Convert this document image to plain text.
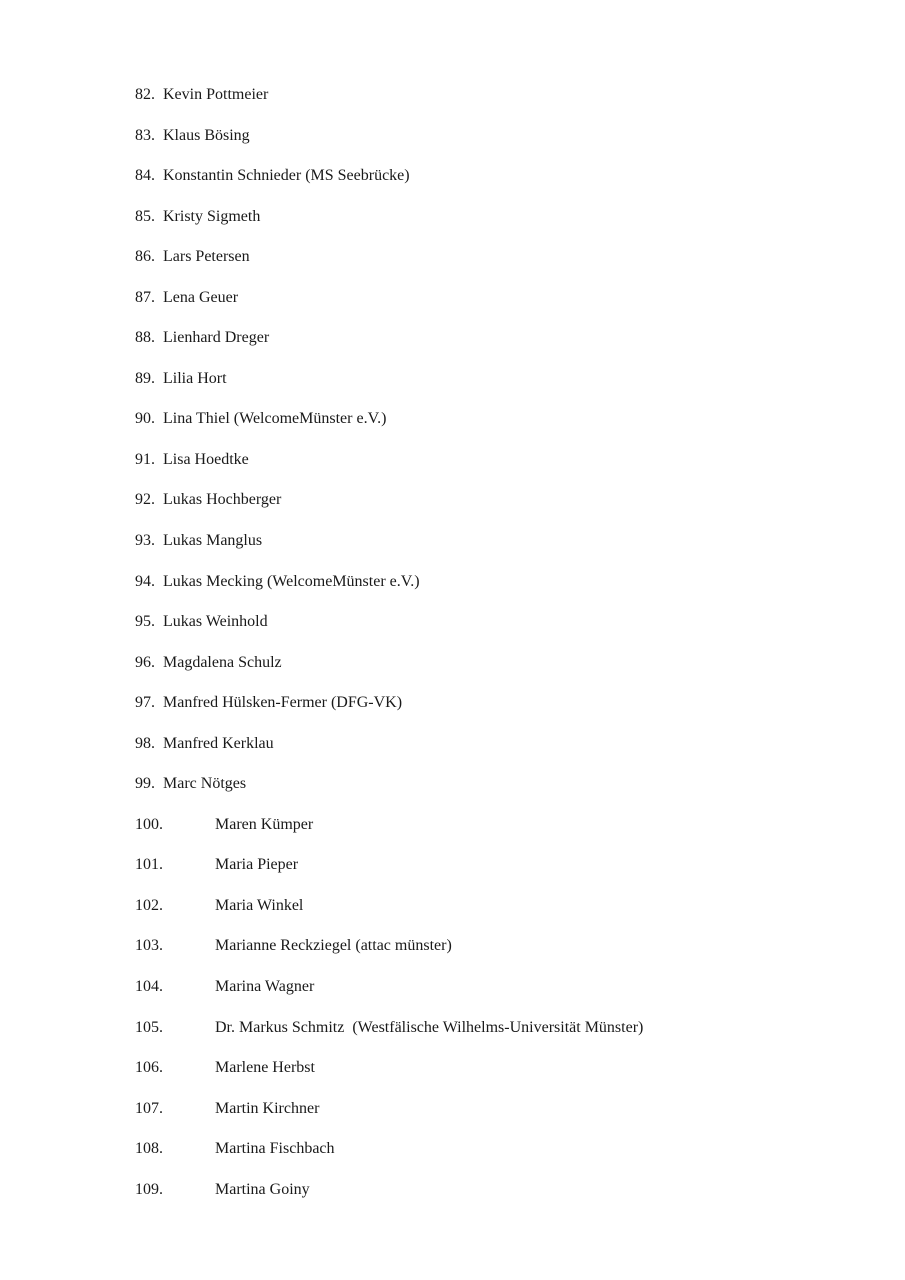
82. Kevin Pottmeier
83. Klaus Bösing
84. Konstantin Schnieder (MS Seebrücke)
85. Kristy Sigmeth
86. Lars Petersen
87. Lena Geuer
88. Lienhard Dreger
89. Lilia Hort
90. Lina Thiel (WelcomeMünster e.V.)
91. Lisa Hoedtke
92. Lukas Hochberger
93. Lukas Manglus
94. Lukas Mecking (WelcomeMünster e.V.)
95. Lukas Weinhold
96. Magdalena Schulz
97. Manfred Hülsken-Fermer (DFG-VK)
98. Manfred Kerklau
99. Marc Nötges
100.	Maren Kümper
101.	Maria Pieper
102.	Maria Winkel
103.	Marianne Reckziegel (attac münster)
104.	Marina Wagner
105.	Dr. Markus Schmitz  (Westfälische Wilhelms-Universität Münster)
106.	Marlene Herbst
107.	Martin Kirchner
108.	Martina Fischbach
109.	Martina Goiny
